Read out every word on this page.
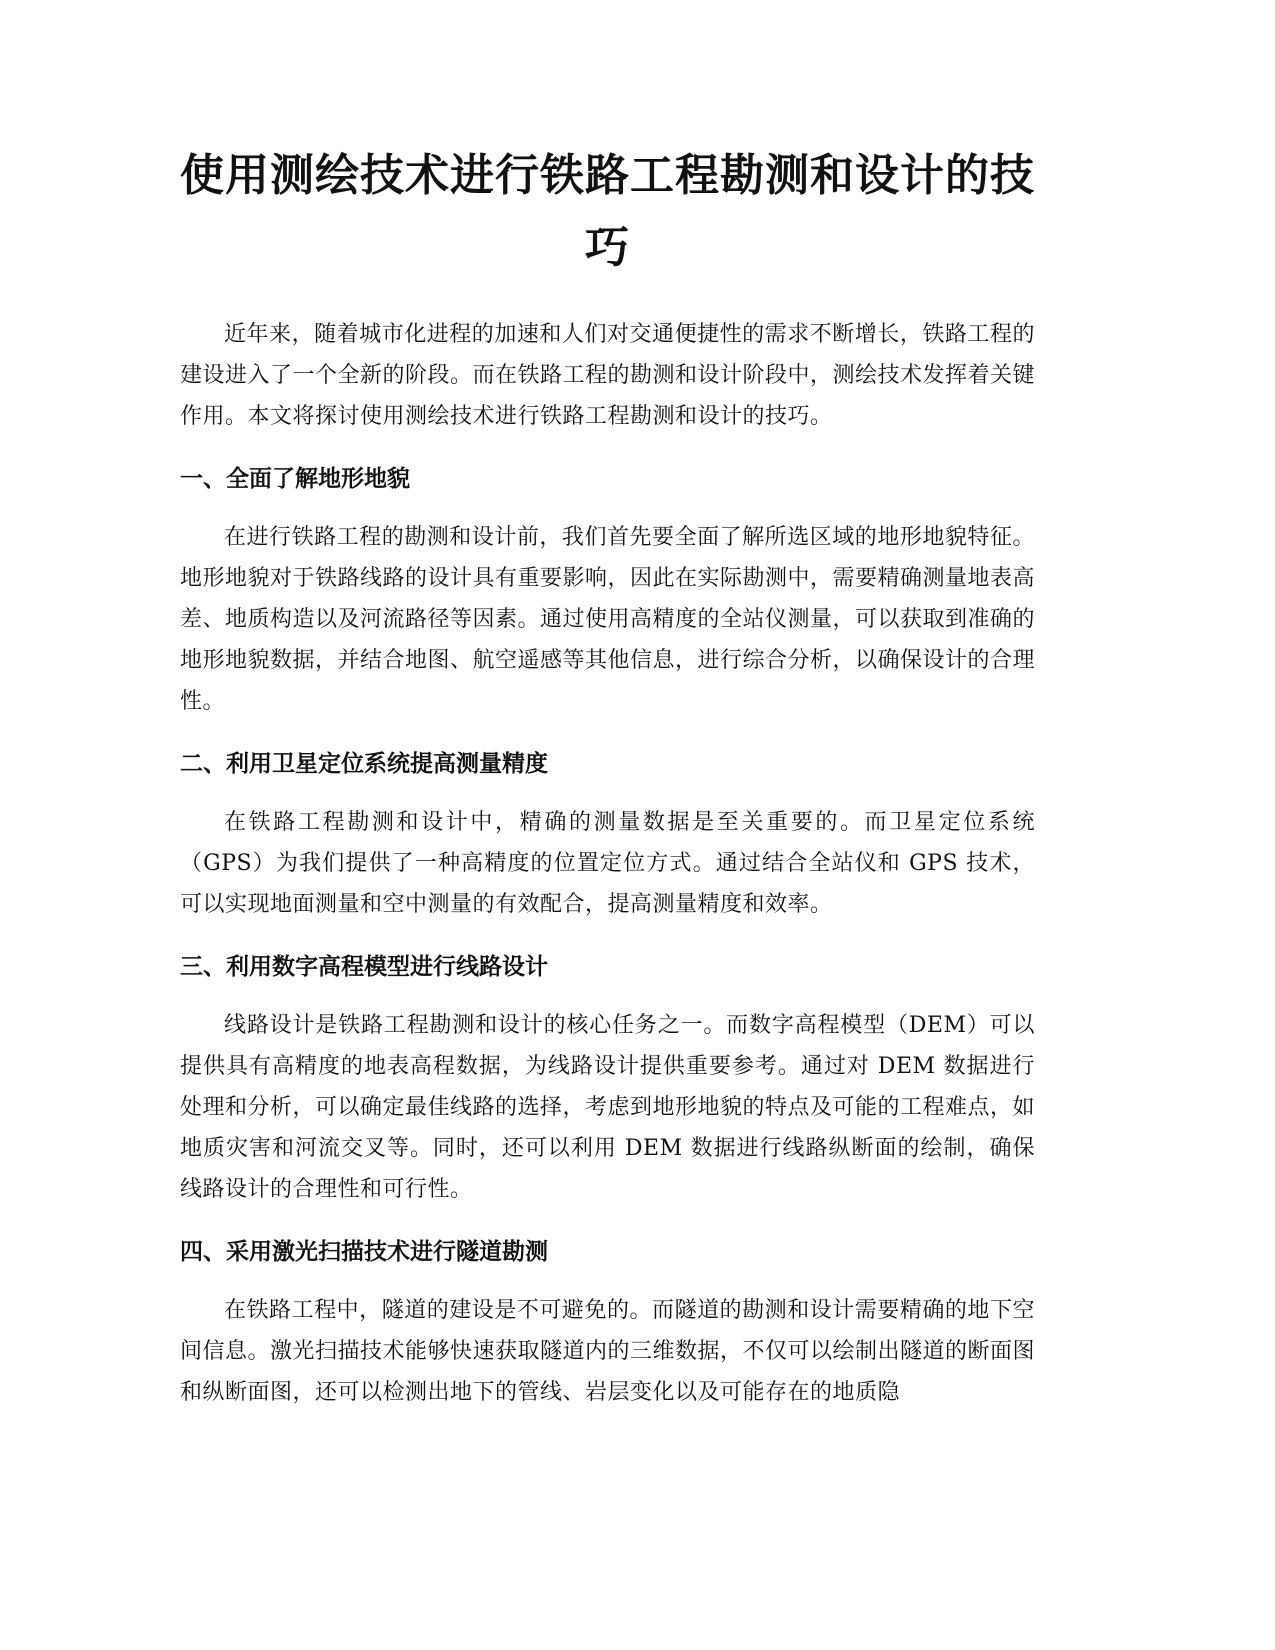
使用测绘技术进行铁路工程勘测和设计的技巧

近年来，随着城市化进程的加速和人们对交通便捷性的需求不断增长，铁路工程的建设进入了一个全新的阶段。而在铁路工程的勘测和设计阶段中，测绘技术发挥着关键作用。本文将探讨使用测绘技术进行铁路工程勘测和设计的技巧。

一、全面了解地形地貌

在进行铁路工程的勘测和设计前，我们首先要全面了解所选区域的地形地貌特征。地形地貌对于铁路线路的设计具有重要影响，因此在实际勘测中，需要精确测量地表高差、地质构造以及河流路径等因素。通过使用高精度的全站仪测量，可以获取到准确的地形地貌数据，并结合地图、航空遥感等其他信息，进行综合分析，以确保设计的合理性。

二、利用卫星定位系统提高测量精度

在铁路工程勘测和设计中，精确的测量数据是至关重要的。而卫星定位系统（GPS）为我们提供了一种高精度的位置定位方式。通过结合全站仪和 GPS 技术，可以实现地面测量和空中测量的有效配合，提高测量精度和效率。

三、利用数字高程模型进行线路设计

线路设计是铁路工程勘测和设计的核心任务之一。而数字高程模型（DEM）可以提供具有高精度的地表高程数据，为线路设计提供重要参考。通过对 DEM 数据进行处理和分析，可以确定最佳线路的选择，考虑到地形地貌的特点及可能的工程难点，如地质灾害和河流交叉等。同时，还可以利用 DEM 数据进行线路纵断面的绘制，确保线路设计的合理性和可行性。

四、采用激光扫描技术进行隧道勘测

在铁路工程中，隧道的建设是不可避免的。而隧道的勘测和设计需要精确的地下空间信息。激光扫描技术能够快速获取隧道内的三维数据，不仅可以绘制出隧道的断面图和纵断面图，还可以检测出地下的管线、岩层变化以及可能存在的地质隐
